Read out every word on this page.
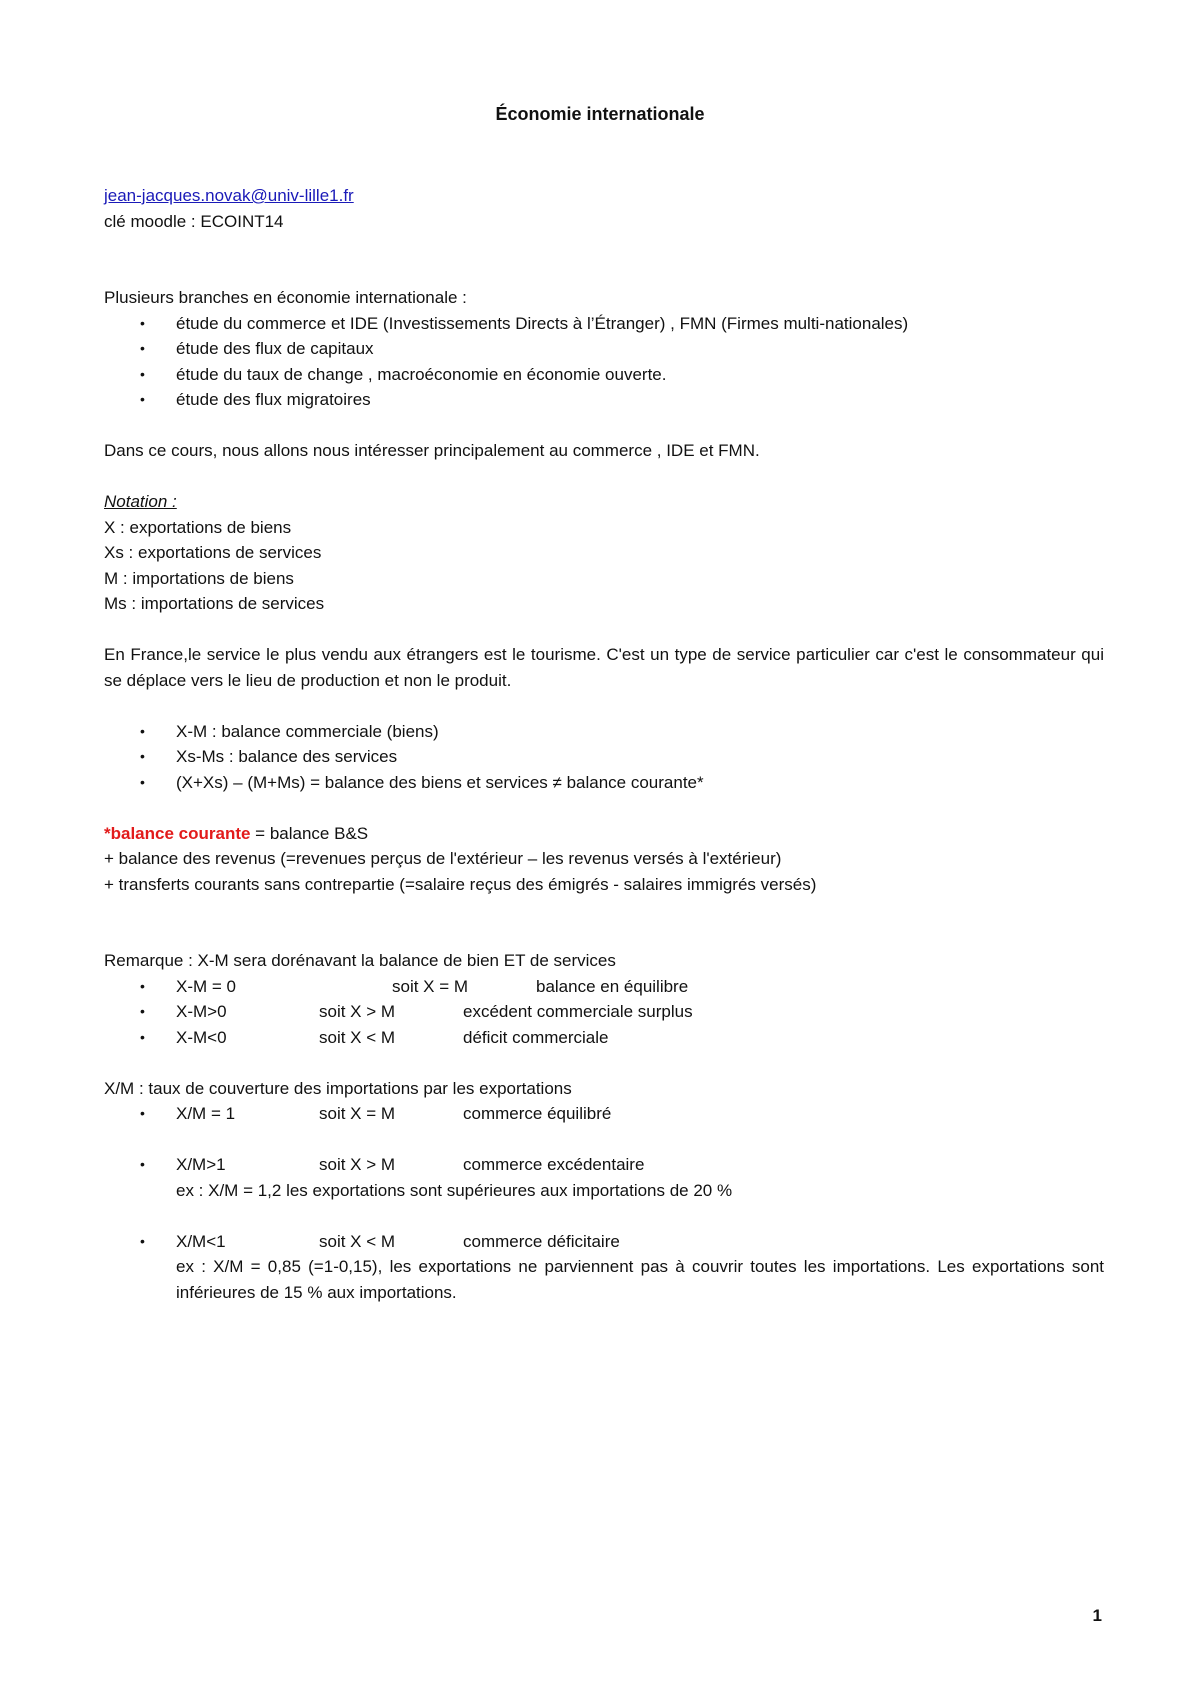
Économie internationale
jean-jacques.novak@univ-lille1.fr
clé moodle : ECOINT14
Plusieurs branches en économie internationale :
• étude du commerce et IDE (Investissements Directs à l’Étranger) , FMN (Firmes multi-nationales)
• étude des flux de capitaux
• étude du taux de change , macroéconomie en économie ouverte.
• étude des flux migratoires
Dans ce cours, nous allons nous intéresser principalement au commerce , IDE et FMN.
Notation :
X : exportations de biens
Xs : exportations de services
M : importations de biens
Ms : importations de services
En France,le service le plus vendu aux étrangers est le tourisme. C'est un type de service particulier car c'est le consommateur qui se déplace vers le lieu de production et non le produit.
• X-M : balance commerciale (biens)
• Xs-Ms : balance des services
• (X+Xs) – (M+Ms) = balance des biens et services ≠ balance courante*
*balance courante = balance B&S
+ balance des revenus (=revenues perçus de l'extérieur – les revenus versés à l'extérieur)
+ transferts courants sans contrepartie (=salaire reçus des émigrés - salaires immigrés versés)
Remarque : X-M sera dorénavant la balance de bien ET de services
• X-M = 0	soit X = M	balance en équilibre
• X-M>0	soit X > M	excédent commerciale surplus
• X-M<0	soit X < M	déficit commerciale
X/M : taux de couverture des importations par les exportations
• X/M = 1	soit X = M	commerce équilibré
• X/M>1	soit X > M	commerce excédentaire
ex : X/M = 1,2 les exportations sont supérieures aux importations de 20 %
• X/M<1	soit X < M	commerce déficitaire
ex : X/M = 0,85 (=1-0,15), les exportations ne parviennent pas à couvrir toutes les importations. Les exportations sont inférieures de 15 % aux importations.
1
